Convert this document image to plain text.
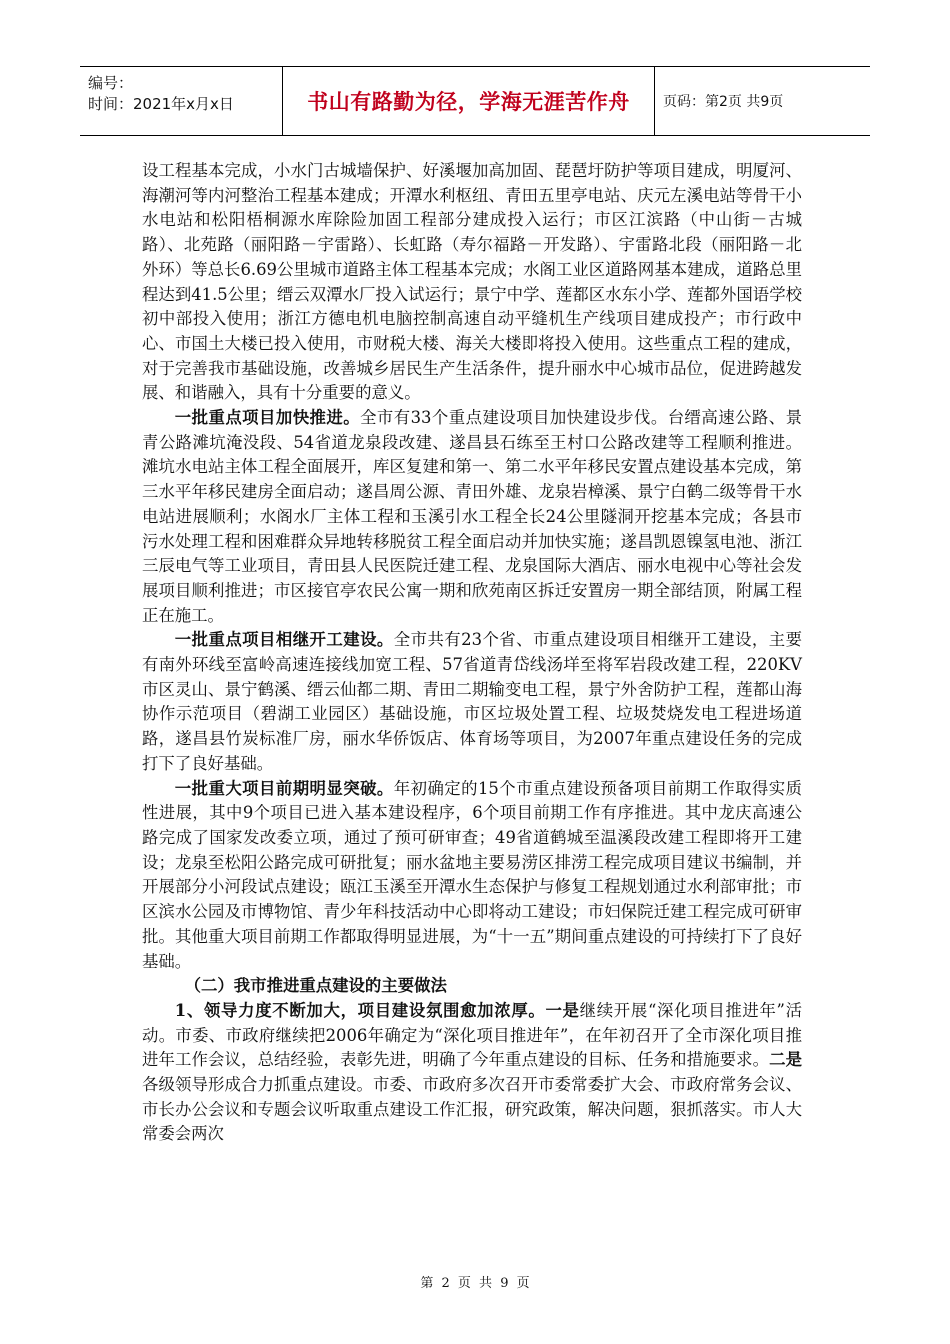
编号：
时间：2021年x月x日	书山有路勤为径，学海无涯苦作舟	页码：第2页 共9页

设工程基本完成，小水门古城墙保护、好溪堰加高加固、琵琶圩防护等项目建成，明厦河、海潮河等内河整治工程基本建成；开潭水利枢纽、青田五里亭电站、庆元左溪电站等骨干小水电站和松阳梧桐源水库除险加固工程部分建成投入运行；市区江滨路（中山街－古城路）、北苑路（丽阳路－宇雷路）、长虹路（寿尔福路－开发路）、宇雷路北段（丽阳路－北外环）等总长6.69公里城市道路主体工程基本完成；水阁工业区道路网基本建成，道路总里程达到41.5公里；缙云双潭水厂投入试运行；景宁中学、莲都区水东小学、莲都外国语学校初中部投入使用；浙江方德电机电脑控制高速自动平缝机生产线项目建成投产；市行政中心、市国土大楼已投入使用，市财税大楼、海关大楼即将投入使用。这些重点工程的建成，对于完善我市基础设施，改善城乡居民生产生活条件，提升丽水中心城市品位，促进跨越发展、和谐融入，具有十分重要的意义。

一批重点项目加快推进。全市有33个重点建设项目加快建设步伐。台缙高速公路、景青公路滩坑淹没段、54省道龙泉段改建、遂昌县石练至王村口公路改建等工程顺利推进。滩坑水电站主体工程全面展开，库区复建和第一、第二水平年移民安置点建设基本完成，第三水平年移民建房全面启动；遂昌周公源、青田外雄、龙泉岩樟溪、景宁白鹤二级等骨干水电站进展顺利；水阁水厂主体工程和玉溪引水工程全长24公里隧洞开挖基本完成；各县市污水处理工程和困难群众异地转移脱贫工程全面启动并加快实施；遂昌凯恩镍氢电池、浙江三辰电气等工业项目，青田县人民医院迁建工程、龙泉国际大酒店、丽水电视中心等社会发展项目顺利推进；市区接官亭农民公寓一期和欣苑南区拆迁安置房一期全部结顶，附属工程正在施工。

一批重点项目相继开工建设。全市共有23个省、市重点建设项目相继开工建设，主要有南外环线至富岭高速连接线加宽工程、57省道青岱线汤垟至将军岩段改建工程，220KV市区灵山、景宁鹤溪、缙云仙都二期、青田二期输变电工程，景宁外舍防护工程，莲都山海协作示范项目（碧湖工业园区）基础设施，市区垃圾处置工程、垃圾焚烧发电工程进场道路，遂昌县竹炭标准厂房，丽水华侨饭店、体育场等项目，为2007年重点建设任务的完成打下了良好基础。

一批重大项目前期明显突破。年初确定的15个市重点建设预备项目前期工作取得实质性进展，其中9个项目已进入基本建设程序，6个项目前期工作有序推进。其中龙庆高速公路完成了国家发改委立项，通过了预可研审查；49省道鹤城至温溪段改建工程即将开工建设；龙泉至松阳公路完成可研批复；丽水盆地主要易涝区排涝工程完成项目建议书编制，并开展部分小河段试点建设；瓯江玉溪至开潭水生态保护与修复工程规划通过水利部审批；市区滨水公园及市博物馆、青少年科技活动中心即将动工建设；市妇保院迁建工程完成可研审批。其他重大项目前期工作都取得明显进展，为“十一五”期间重点建设的可持续打下了良好基础。

（二）我市推进重点建设的主要做法

1、领导力度不断加大，项目建设氛围愈加浓厚。一是继续开展“深化项目推进年”活动。市委、市政府继续把2006年确定为“深化项目推进年”，在年初召开了全市深化项目推进年工作会议，总结经验，表彰先进，明确了今年重点建设的目标、任务和措施要求。二是各级领导形成合力抓重点建设。市委、市政府多次召开市委常委扩大会、市政府常务会议、市长办公会议和专题会议听取重点建设工作汇报，研究政策，解决问题，狠抓落实。市人大常委会两次

第 2 页 共 9 页
